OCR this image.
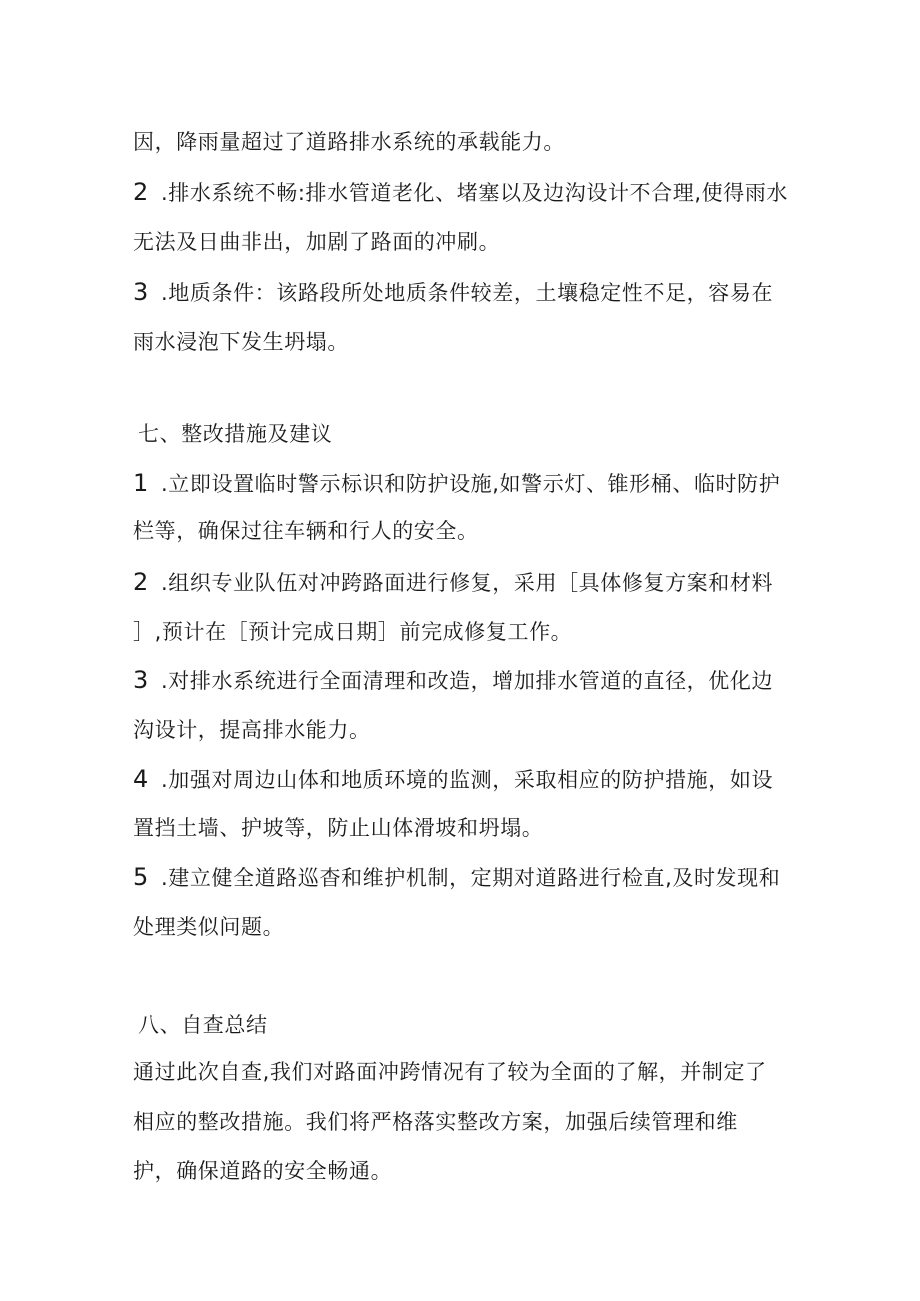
因，降雨量超过了道路排水系统的承载能力。
2 .排水系统不畅:排水管道老化、堵塞以及边沟设计不合理,使得雨水
无法及日曲非出，加剧了路面的冲刷。
3 .地质条件：该路段所处地质条件较差，土壤稳定性不足，容易在
雨水浸泡下发生坍塌。
七、整改措施及建议
1 .立即设置临时警示标识和防护设施,如警示灯、锥形桶、临时防护
栏等，确保过往车辆和行人的安全。
2 .组织专业队伍对冲跨路面进行修复，采用［具体修复方案和材料
］,预计在［预计完成日期］前完成修复工作。
3 .对排水系统进行全面清理和改造，增加排水管道的直径，优化边
沟设计，提高排水能力。
4 .加强对周边山体和地质环境的监测，采取相应的防护措施，如设
置挡土墙、护坡等，防止山体滑坡和坍塌。
5 .建立健全道路巡杳和维护机制，定期对道路进行检直,及时发现和
处理类似问题。
八、自查总结
通过此次自查,我们对路面冲跨情况有了较为全面的了解，并制定了
相应的整改措施。我们将严格落实整改方案，加强后续管理和维
护，确保道路的安全畅通。
